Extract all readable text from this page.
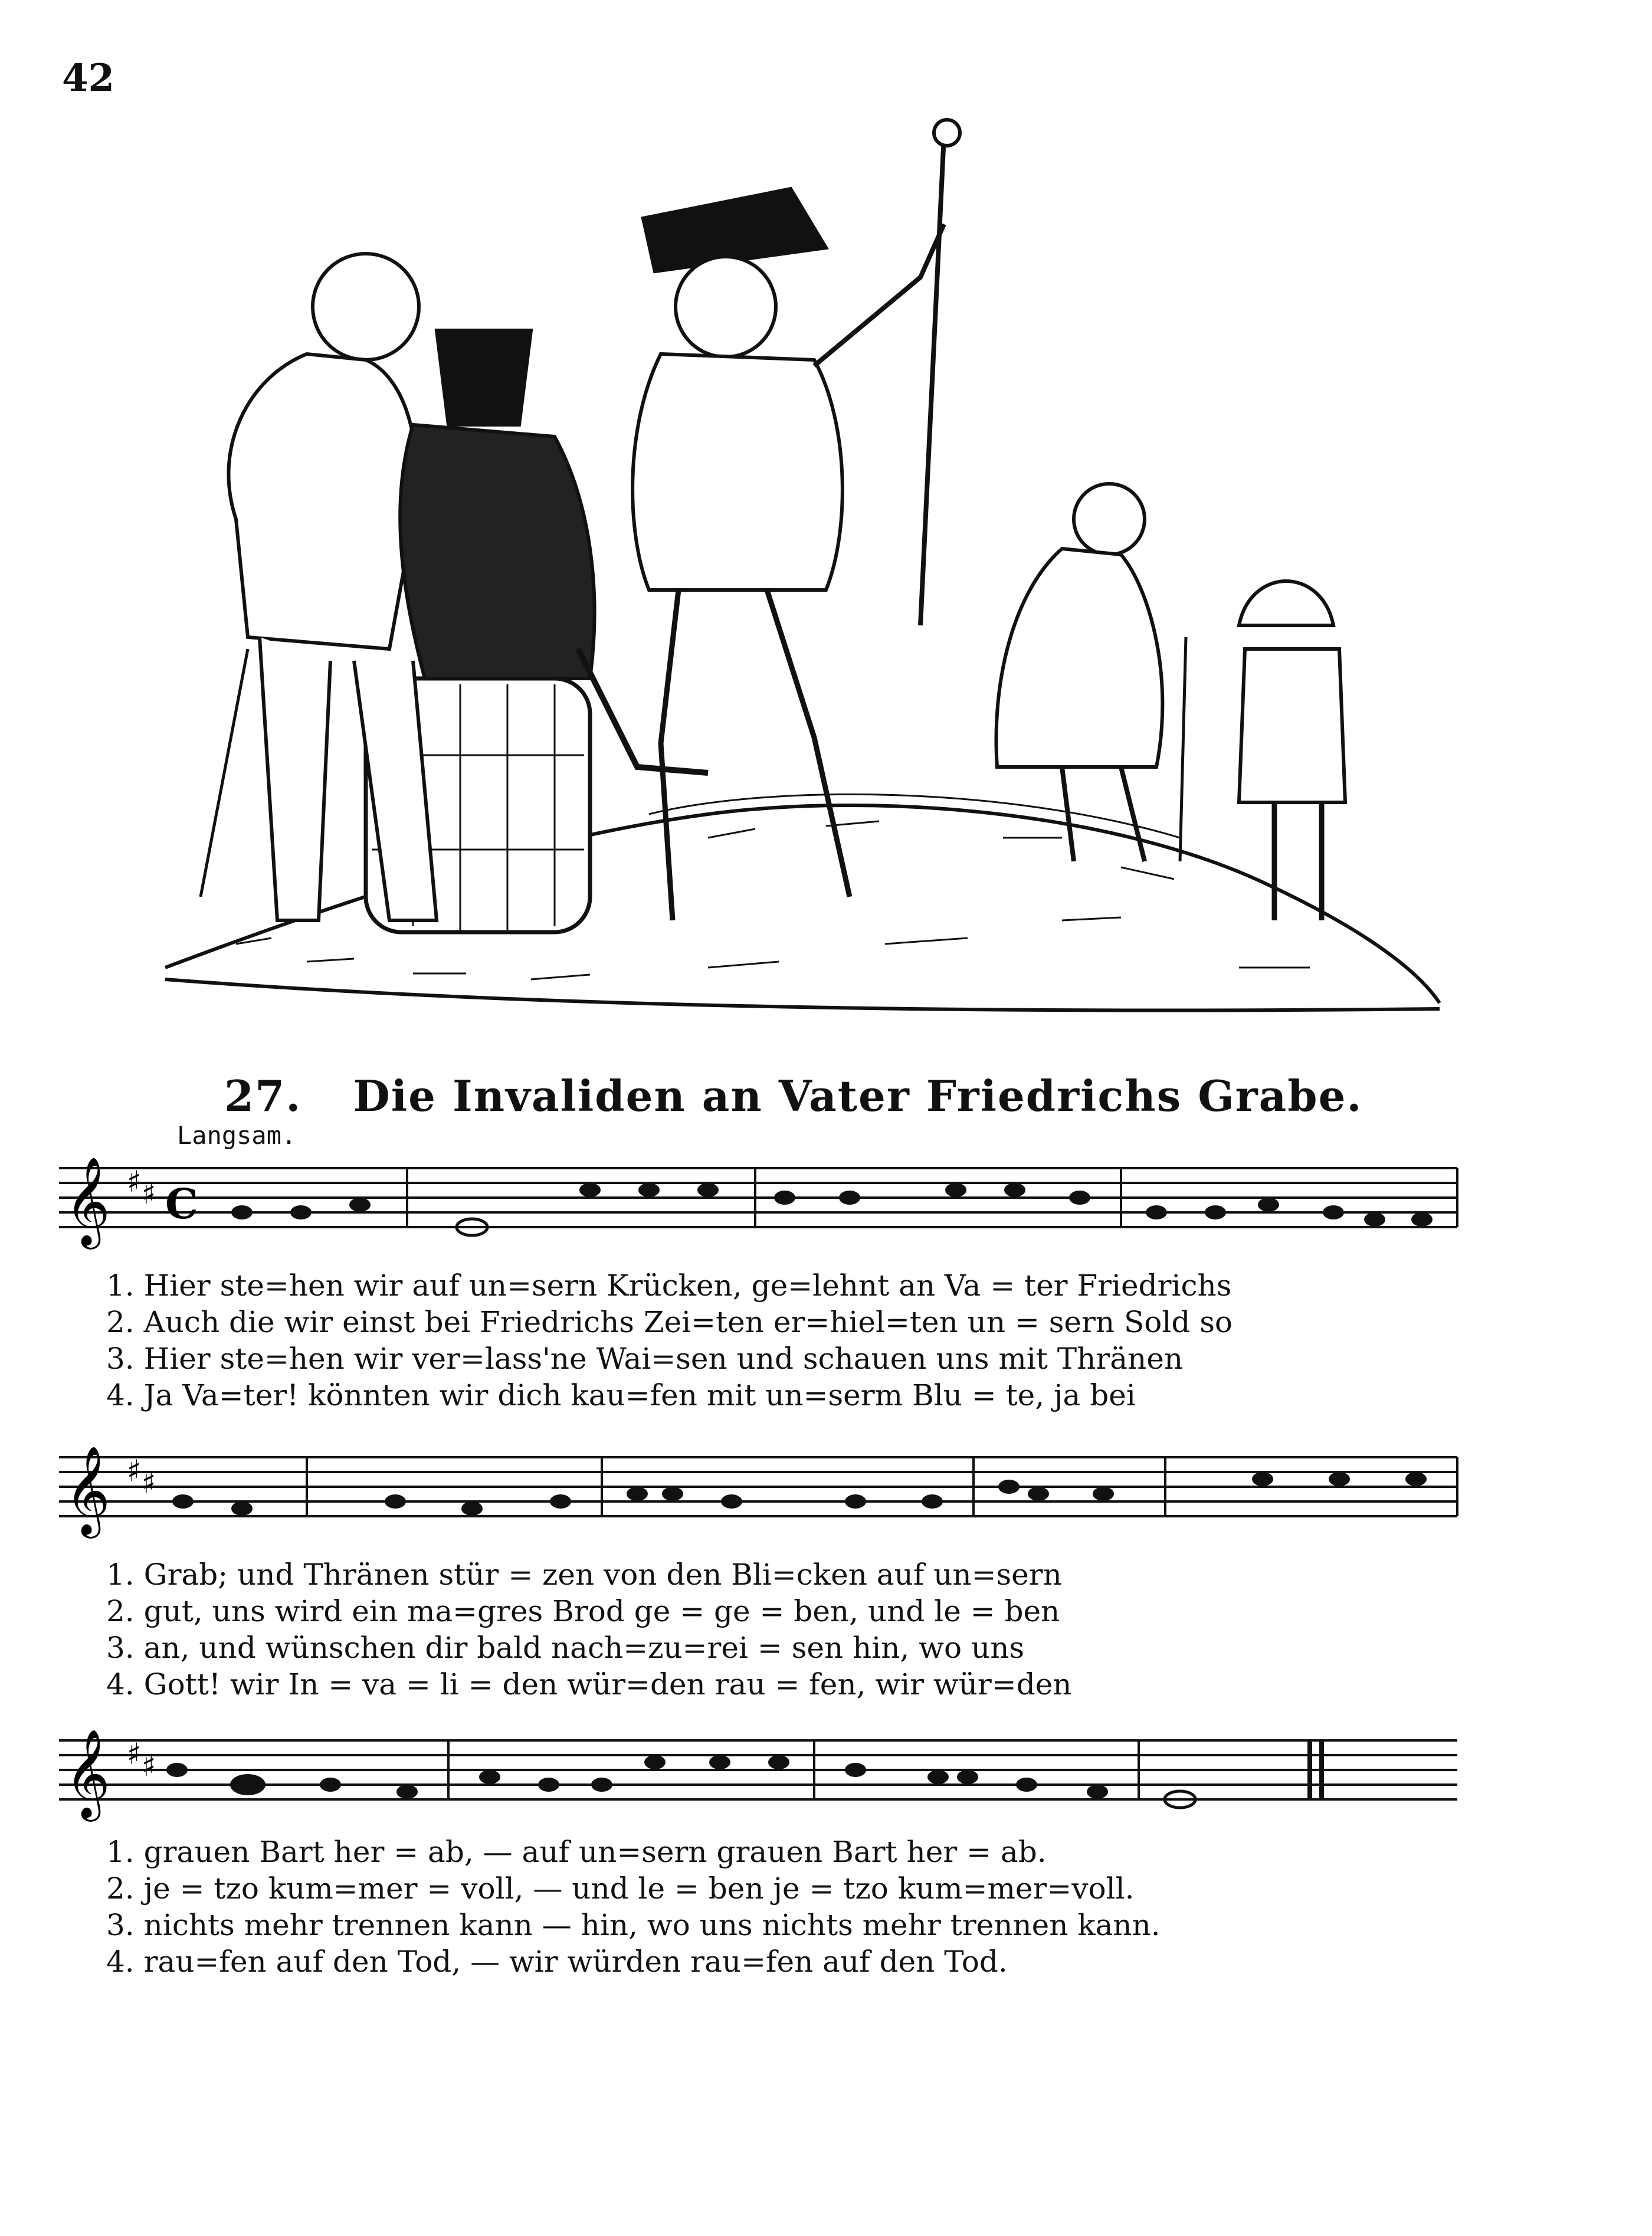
42
27. Die Invaliden an Vater Friedrichs Grabe.
Langsam.
𝄞 ♯ ♯ C
1. Hier ste=hen wir auf un=sern Krücken, ge=lehnt an Va = ter Friedrichs
2. Auch die wir einst bei Friedrichs Zei=ten er=hiel=ten un = sern Sold so
3. Hier ste=hen wir ver=lass'ne Wai=sen und schauen uns mit Thränen
4. Ja Va=ter! könnten wir dich kau=fen mit un=serm Blu = te, ja bei
𝄞 ♯ ♯
1. Grab; und Thränen stür = zen von den Bli=cken auf un=sern
2. gut, uns wird ein ma=gres Brod ge = ge = ben, und le = ben
3. an, und wünschen dir bald nach=zu=rei = sen hin, wo uns
4. Gott! wir In = va = li = den wür=den rau = fen, wir wür=den
𝄞 ♯ ♯
1. grauen Bart her = ab, — auf un=sern grauen Bart her = ab.
2. je = tzo kum=mer = voll, — und le = ben je = tzo kum=mer=voll.
3. nichts mehr trennen kann — hin, wo uns nichts mehr trennen kann.
4. rau=fen auf den Tod, — wir würden rau=fen auf den Tod.
